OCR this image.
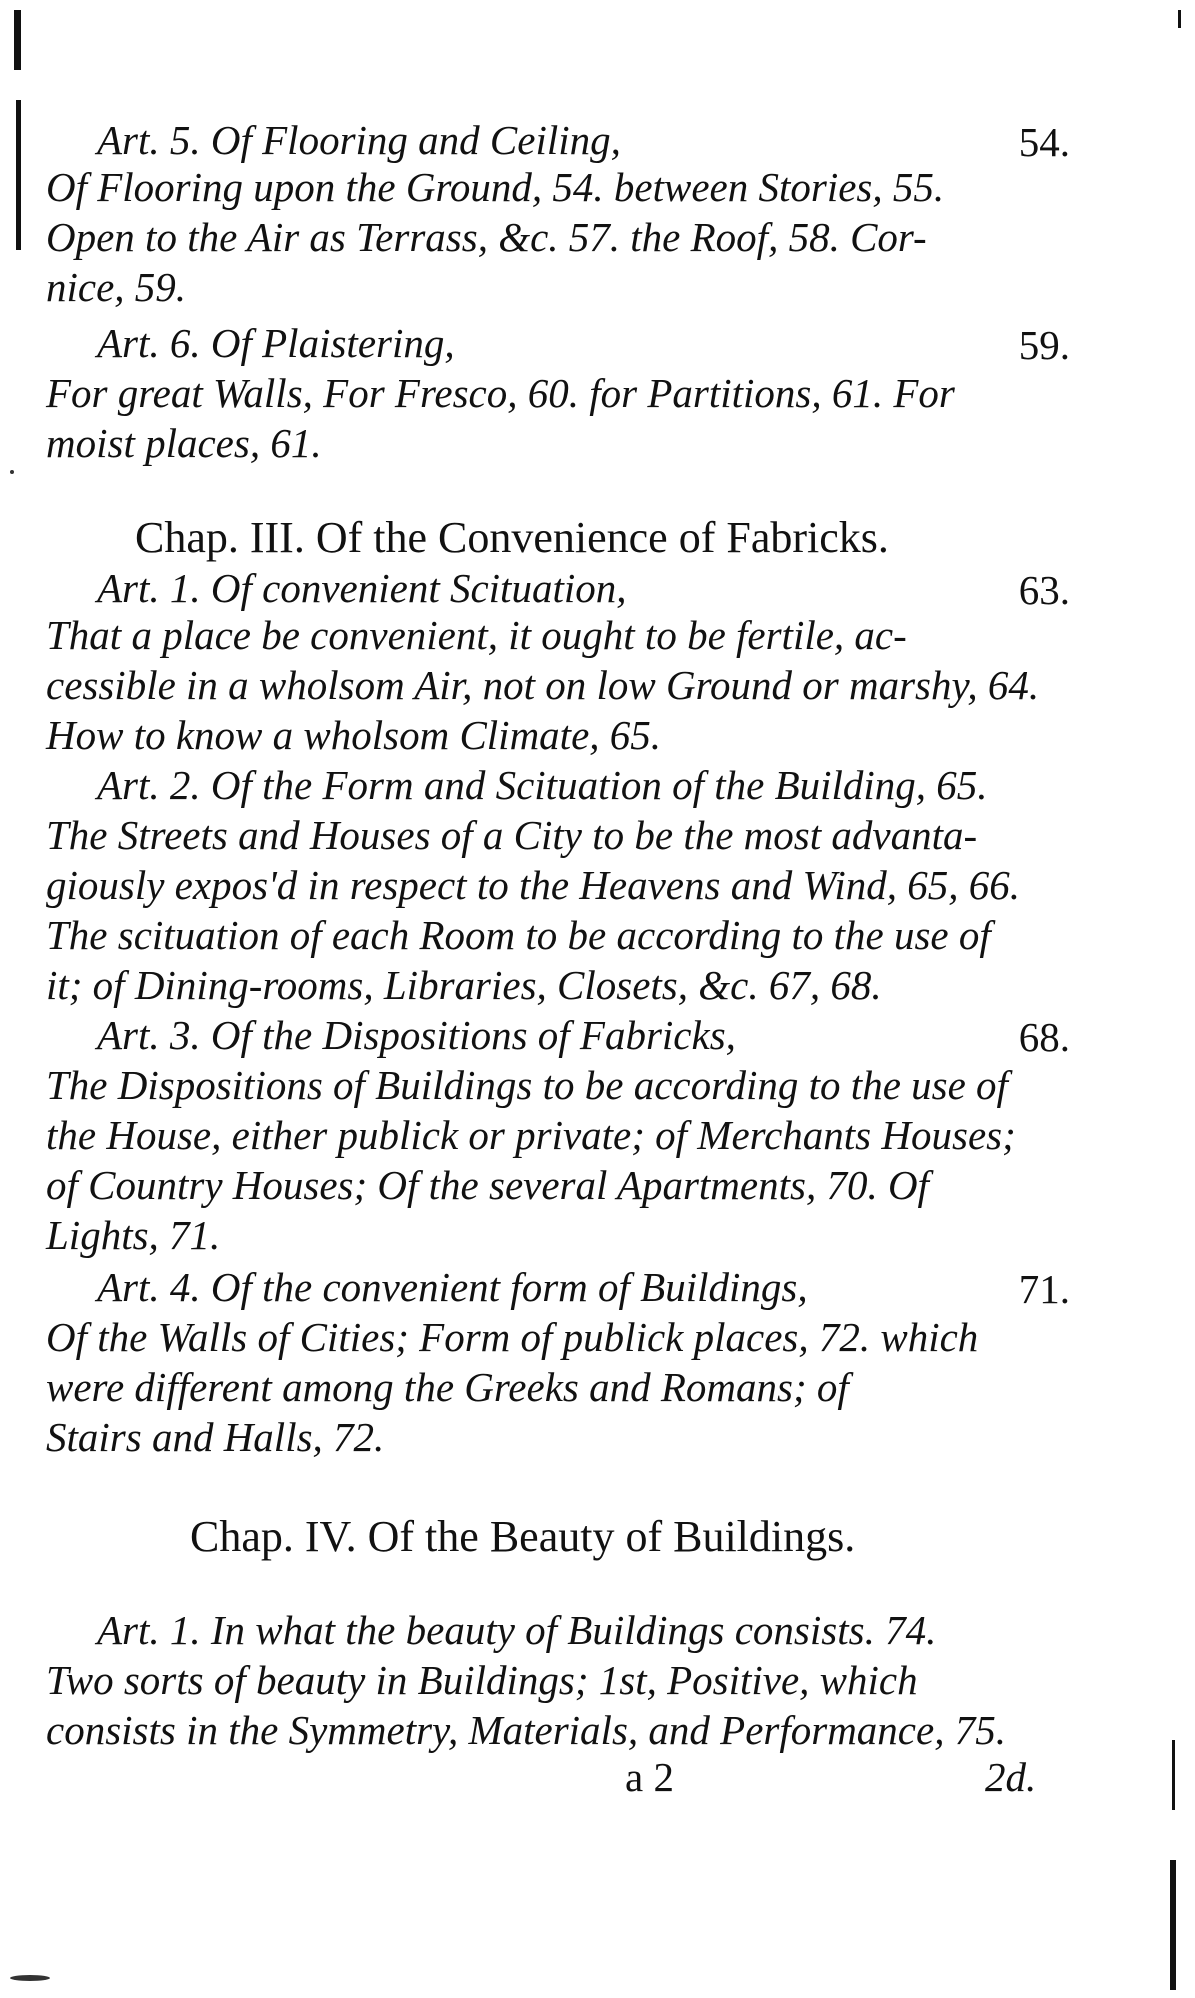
Art. 5. Of Flooring and Ceiling,	54.
Of Flooring upon the Ground, 54. between Stories, 55.
Open to the Air as Terrass, &c. 57. the Roof, 58. Cor-
nice, 59.
Art. 6. Of Plaistering,	59.
For great Walls, For Fresco, 60. for Partitions, 61. For
moist places, 61.
Chap. III. Of the Convenience of Fabricks.
Art. 1. Of convenient Scituation,	63.
That a place be convenient, it ought to be fertile, ac-
cessible in a wholsom Air, not on low Ground or marshy, 64.
How to know a wholsom Climate, 65.
Art. 2. Of the Form and Scituation of the Building, 65.
The Streets and Houses of a City to be the most advanta-
giously expos'd in respect to the Heavens and Wind, 65, 66.
The scituation of each Room to be according to the use of
it; of Dining-rooms, Libraries, Closets, &c. 67, 68.
Art. 3. Of the Dispositions of Fabricks,	68.
The Dispositions of Buildings to be according to the use of
the House, either publick or private; of Merchants Houses;
of Country Houses; Of the several Apartments, 70. Of
Lights, 71.
Art. 4. Of the convenient form of Buildings,	71.
Of the Walls of Cities; Form of publick places, 72. which
were different among the Greeks and Romans; of
Stairs and Halls, 72.
Chap. IV. Of the Beauty of Buildings.
Art. 1. In what the beauty of Buildings consists. 74.
Two sorts of beauty in Buildings; 1st, Positive, which
consists in the Symmetry, Materials, and Performance, 75.
a 2	2d.
